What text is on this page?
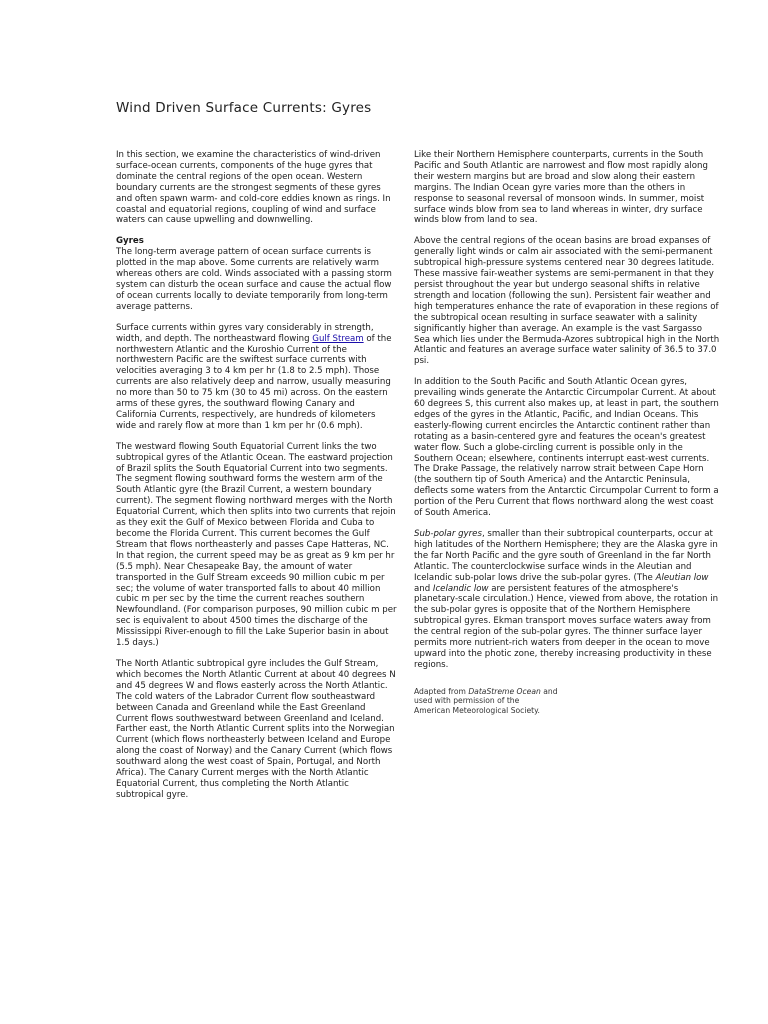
Wind Driven Surface Currents: Gyres

In this section, we examine the characteristics of wind-driven surface-ocean currents, components of the huge gyres that dominate the central regions of the open ocean. Western boundary currents are the strongest segments of these gyres and often spawn warm- and cold-core eddies known as rings. In coastal and equatorial regions, coupling of wind and surface waters can cause upwelling and downwelling.

Gyres
The long-term average pattern of ocean surface currents is plotted in the map above. Some currents are relatively warm whereas others are cold. Winds associated with a passing storm system can disturb the ocean surface and cause the actual flow of ocean currents locally to deviate temporarily from long-term average patterns.

Surface currents within gyres vary considerably in strength, width, and depth. The northeastward flowing Gulf Stream of the northwestern Atlantic and the Kuroshio Current of the northwestern Pacific are the swiftest surface currents with velocities averaging 3 to 4 km per hr (1.8 to 2.5 mph). Those currents are also relatively deep and narrow, usually measuring no more than 50 to 75 km (30 to 45 mi) across. On the eastern arms of these gyres, the southward flowing Canary and California Currents, respectively, are hundreds of kilometers wide and rarely flow at more than 1 km per hr (0.6 mph).

The westward flowing South Equatorial Current links the two subtropical gyres of the Atlantic Ocean. The eastward projection of Brazil splits the South Equatorial Current into two segments. The segment flowing southward forms the western arm of the South Atlantic gyre (the Brazil Current, a western boundary current). The segment flowing northward merges with the North Equatorial Current, which then splits into two currents that rejoin as they exit the Gulf of Mexico between Florida and Cuba to become the Florida Current. This current becomes the Gulf Stream that flows northeasterly and passes Cape Hatteras, NC. In that region, the current speed may be as great as 9 km per hr (5.5 mph). Near Chesapeake Bay, the amount of water transported in the Gulf Stream exceeds 90 million cubic m per sec; the volume of water transported falls to about 40 million cubic m per sec by the time the current reaches southern Newfoundland. (For comparison purposes, 90 million cubic m per sec is equivalent to about 4500 times the discharge of the Mississippi River-enough to fill the Lake Superior basin in about 1.5 days.)

The North Atlantic subtropical gyre includes the Gulf Stream, which becomes the North Atlantic Current at about 40 degrees N and 45 degrees W and flows easterly across the North Atlantic. The cold waters of the Labrador Current flow southeastward between Canada and Greenland while the East Greenland Current flows southwestward between Greenland and Iceland. Farther east, the North Atlantic Current splits into the Norwegian Current (which flows northeasterly between Iceland and Europe along the coast of Norway) and the Canary Current (which flows southward along the west coast of Spain, Portugal, and North Africa). The Canary Current merges with the North Atlantic Equatorial Current, thus completing the North Atlantic subtropical gyre.

Like their Northern Hemisphere counterparts, currents in the South Pacific and South Atlantic are narrowest and flow most rapidly along their western margins but are broad and slow along their eastern margins. The Indian Ocean gyre varies more than the others in response to seasonal reversal of monsoon winds. In summer, moist surface winds blow from sea to land whereas in winter, dry surface winds blow from land to sea.

Above the central regions of the ocean basins are broad expanses of generally light winds or calm air associated with the semi-permanent subtropical high-pressure systems centered near 30 degrees latitude. These massive fair-weather systems are semi-permanent in that they persist throughout the year but undergo seasonal shifts in relative strength and location (following the sun). Persistent fair weather and high temperatures enhance the rate of evaporation in these regions of the subtropical ocean resulting in surface seawater with a salinity significantly higher than average. An example is the vast Sargasso Sea which lies under the Bermuda-Azores subtropical high in the North Atlantic and features an average surface water salinity of 36.5 to 37.0 psi.

In addition to the South Pacific and South Atlantic Ocean gyres, prevailing winds generate the Antarctic Circumpolar Current. At about 60 degrees S, this current also makes up, at least in part, the southern edges of the gyres in the Atlantic, Pacific, and Indian Oceans. This easterly-flowing current encircles the Antarctic continent rather than rotating as a basin-centered gyre and features the ocean's greatest water flow. Such a globe-circling current is possible only in the Southern Ocean; elsewhere, continents interrupt east-west currents. The Drake Passage, the relatively narrow strait between Cape Horn (the southern tip of South America) and the Antarctic Peninsula, deflects some waters from the Antarctic Circumpolar Current to form a portion of the Peru Current that flows northward along the west coast of South America.

Sub-polar gyres, smaller than their subtropical counterparts, occur at high latitudes of the Northern Hemisphere; they are the Alaska gyre in the far North Pacific and the gyre south of Greenland in the far North Atlantic. The counterclockwise surface winds in the Aleutian and Icelandic sub-polar lows drive the sub-polar gyres. (The Aleutian low and Icelandic low are persistent features of the atmosphere's planetary-scale circulation.) Hence, viewed from above, the rotation in the sub-polar gyres is opposite that of the Northern Hemisphere subtropical gyres. Ekman transport moves surface waters away from the central region of the sub-polar gyres. The thinner surface layer permits more nutrient-rich waters from deeper in the ocean to move upward into the photic zone, thereby increasing productivity in these regions.

Adapted from DataStreme Ocean and
used with permission of the
American Meteorological Society.
